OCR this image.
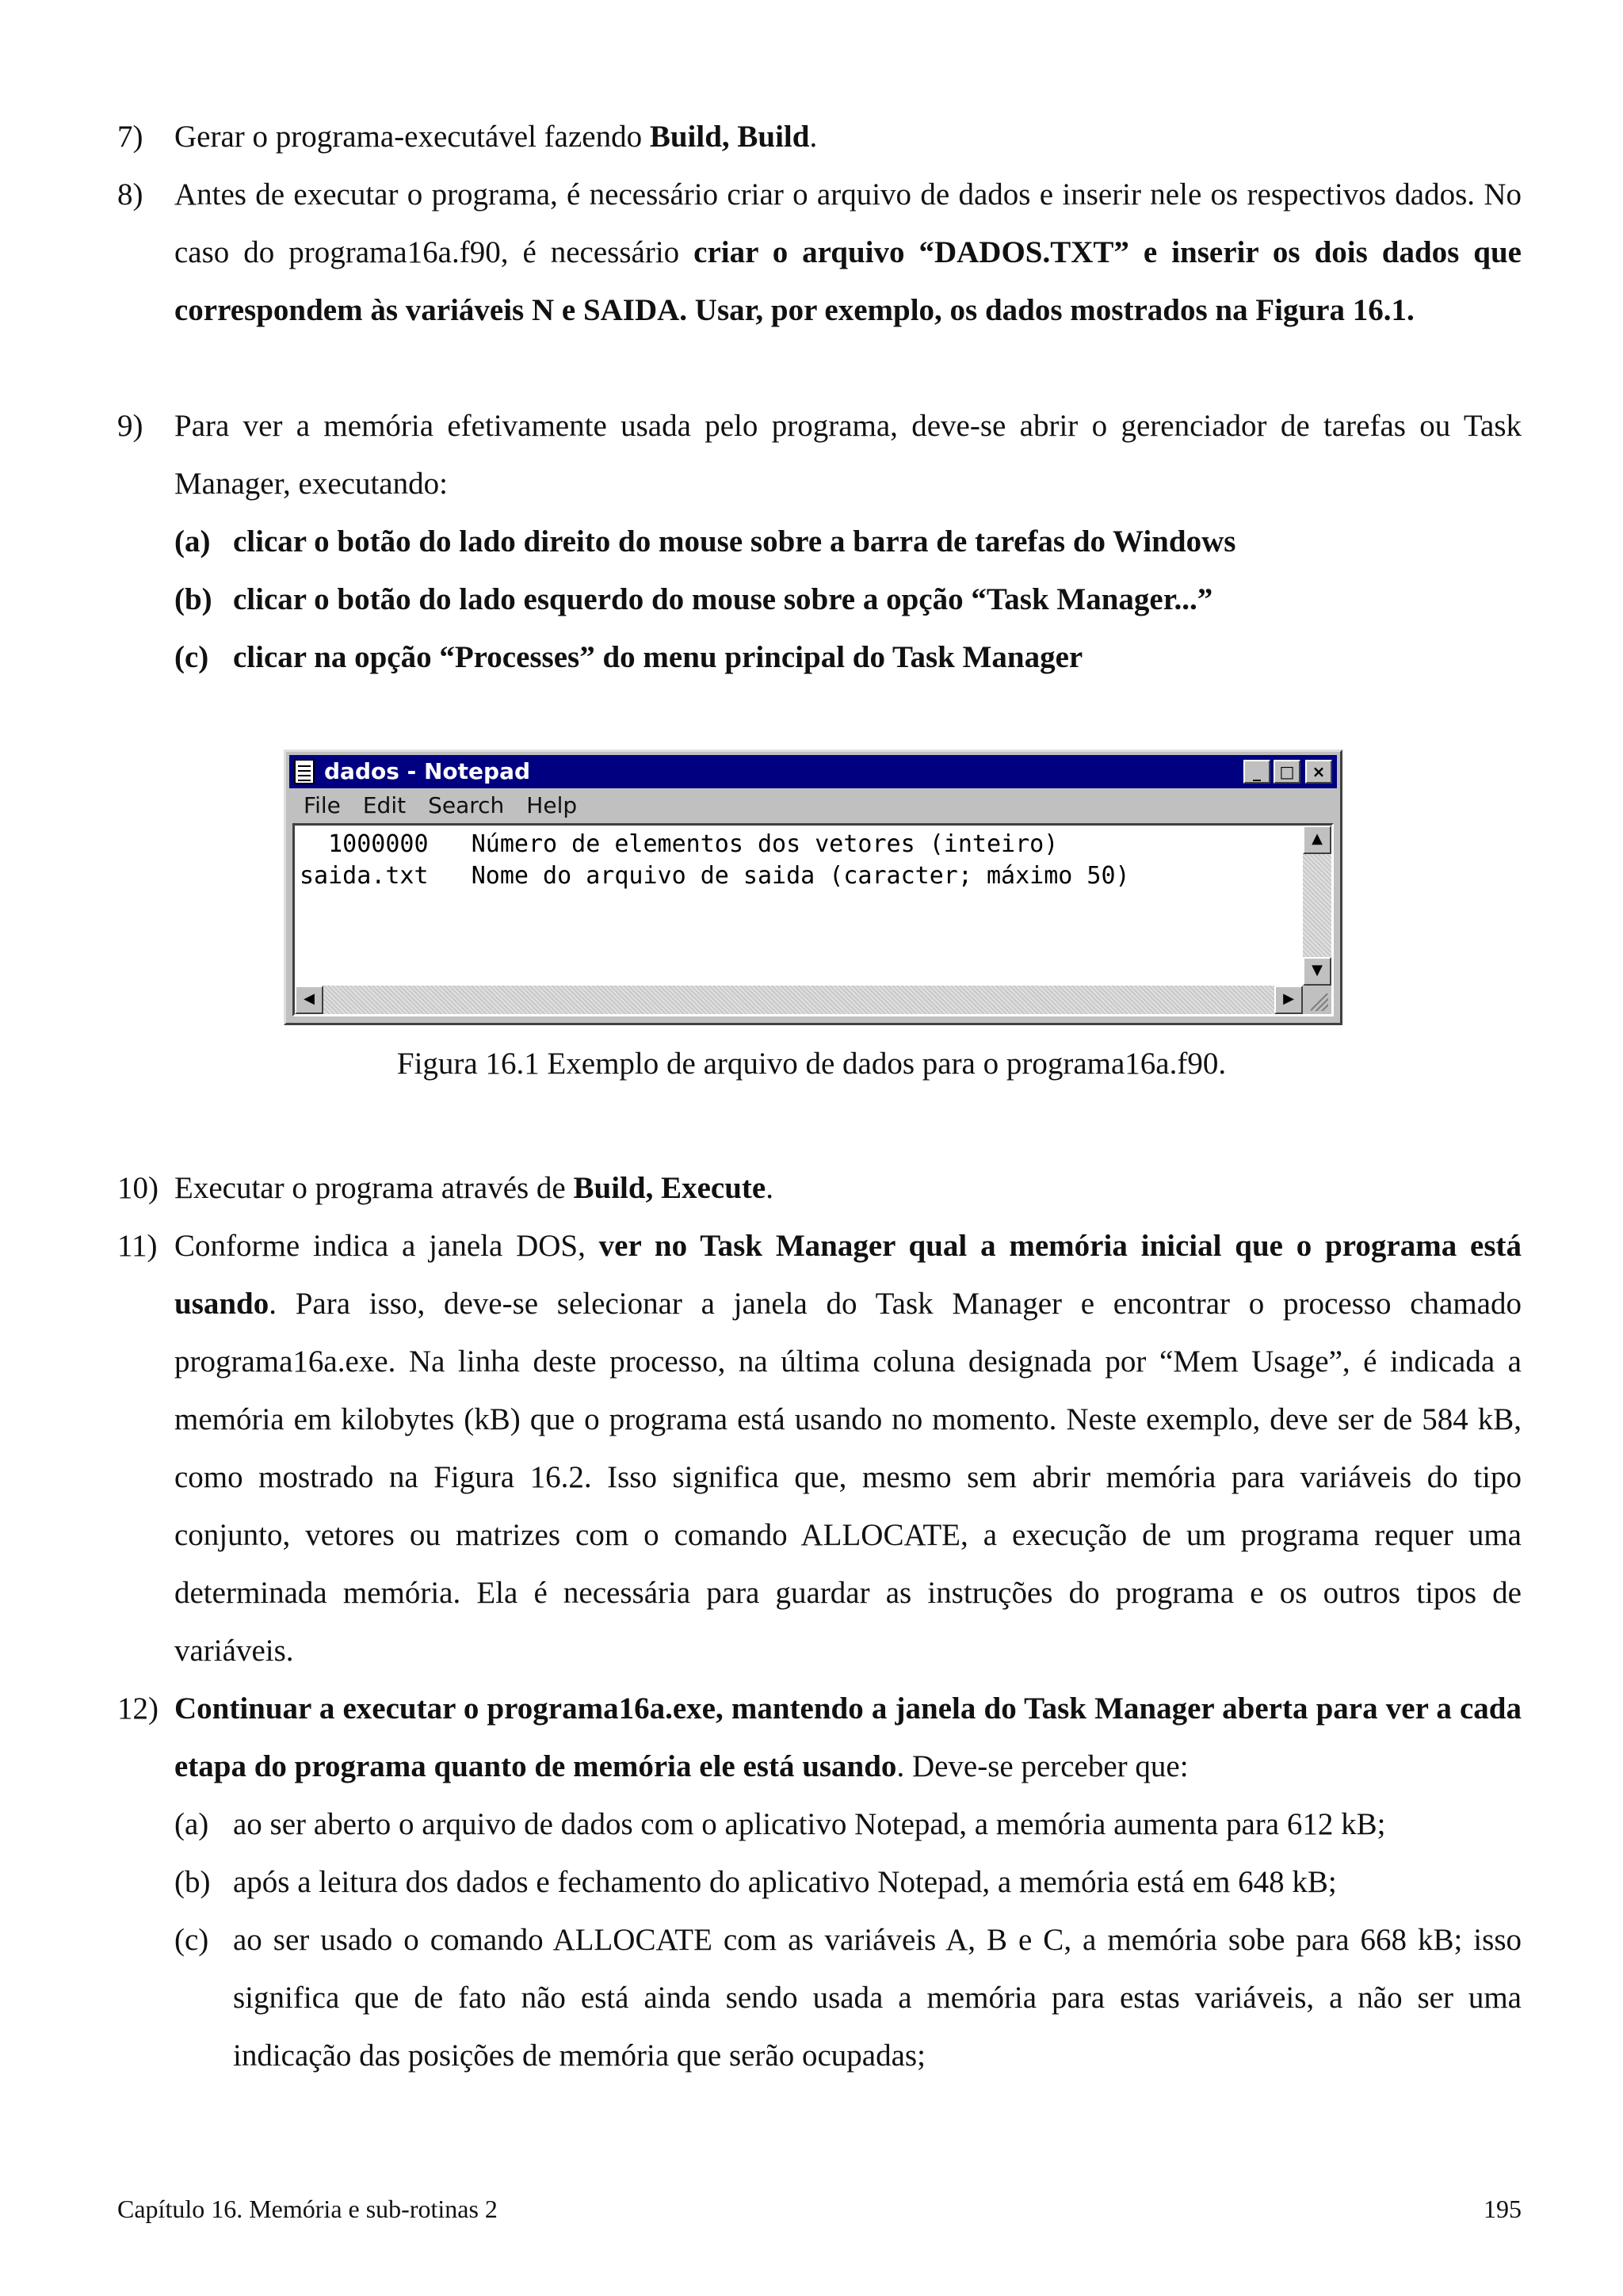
7) Gerar o programa-executável fazendo Build, Build.
8) Antes de executar o programa, é necessário criar o arquivo de dados e inserir nele os respectivos dados. No caso do programa16a.f90, é necessário criar o arquivo “DADOS.TXT” e inserir os dois dados que correspondem às variáveis N e SAIDA. Usar, por exemplo, os dados mostrados na Figura 16.1.
9) Para ver a memória efetivamente usada pelo programa, deve-se abrir o gerenciador de tarefas ou Task Manager, executando:
(a) clicar o botão do lado direito do mouse sobre a barra de tarefas do Windows
(b) clicar o botão do lado esquerdo do mouse sobre a opção “Task Manager...”
(c) clicar na opção “Processes” do menu principal do Task Manager
dados - Notepad	_	□	×
File Edit Search Help
1000000   Número de elementos dos vetores (inteiro)
saida.txt   Nome do arquivo de saida (caracter; máximo 50)
▲
▼
◀	▶
Figura 16.1 Exemplo de arquivo de dados para o programa16a.f90.
10) Executar o programa através de Build, Execute.
11) Conforme indica a janela DOS, ver no Task Manager qual a memória inicial que o programa está usando. Para isso, deve-se selecionar a janela do Task Manager e encontrar o processo chamado programa16a.exe. Na linha deste processo, na última coluna designada por “Mem Usage”, é indicada a memória em kilobytes (kB) que o programa está usando no momento. Neste exemplo, deve ser de 584 kB, como mostrado na Figura 16.2. Isso significa que, mesmo sem abrir memória para variáveis do tipo conjunto, vetores ou matrizes com o comando ALLOCATE, a execução de um programa requer uma determinada memória. Ela é necessária para guardar as instruções do programa e os outros tipos de variáveis.
12) Continuar a executar o programa16a.exe, mantendo a janela do Task Manager aberta para ver a cada etapa do programa quanto de memória ele está usando. Deve-se perceber que:
(a) ao ser aberto o arquivo de dados com o aplicativo Notepad, a memória aumenta para 612 kB;
(b) após a leitura dos dados e fechamento do aplicativo Notepad, a memória está em 648 kB;
(c) ao ser usado o comando ALLOCATE com as variáveis A, B e C, a memória sobe para 668 kB; isso significa que de fato não está ainda sendo usada a memória para estas variáveis, a não ser uma indicação das posições de memória que serão ocupadas;
Capítulo 16. Memória e sub-rotinas 2	195
